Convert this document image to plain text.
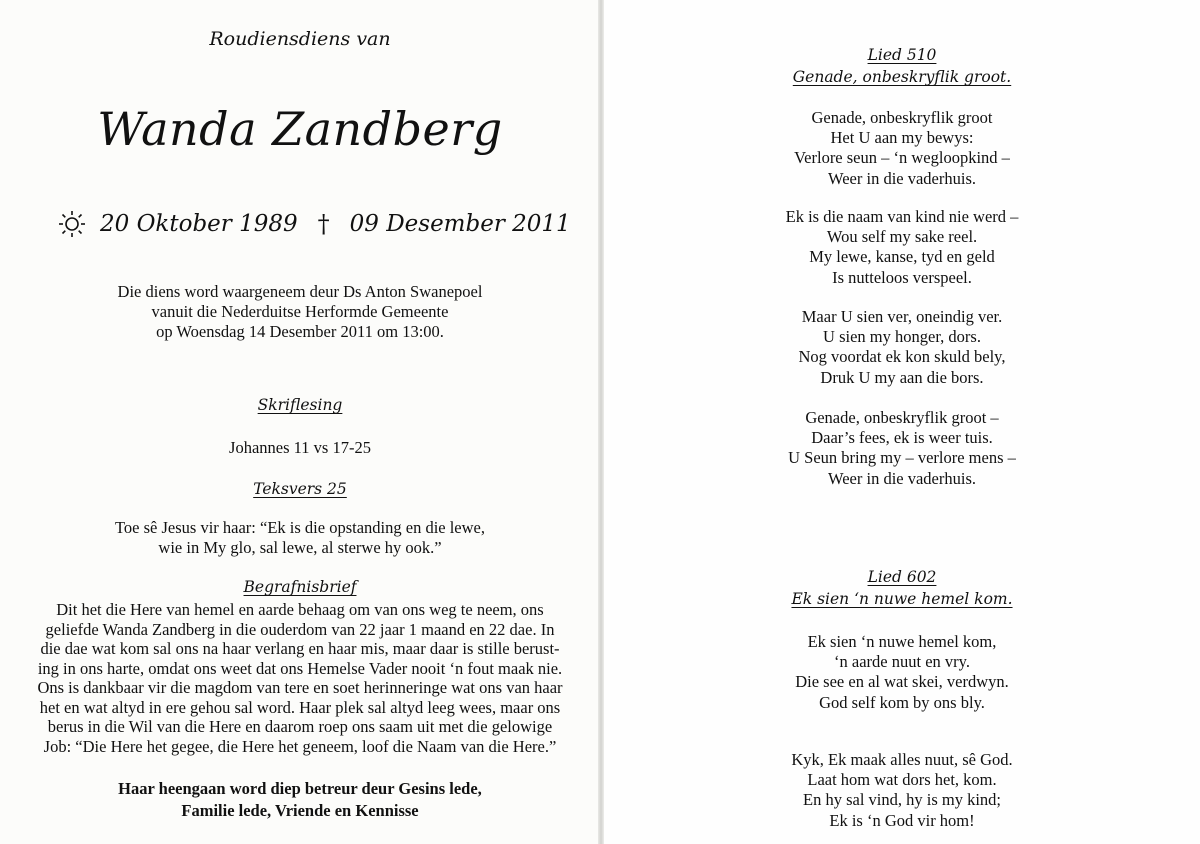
Roudiensdiens van
Wanda Zandberg
20 Oktober 1989 † 09 Desember 2011
Die diens word waargeneem deur Ds Anton Swanepoel
vanuit die Nederduitse Herformde Gemeente
op Woensdag 14 Desember 2011 om 13:00.
Skriflesing
Johannes 11 vs 17-25
Teksvers 25
Toe sê Jesus vir haar: “Ek is die opstanding en die lewe,
wie in My glo, sal lewe, al sterwe hy ook.”
Begrafnisbrief
Dit het die Here van hemel en aarde behaag om van ons weg te neem, ons
geliefde Wanda Zandberg in die ouderdom van 22 jaar 1 maand en 22 dae. In
die dae wat kom sal ons na haar verlang en haar mis, maar daar is stille berust-
ing in ons harte, omdat ons weet dat ons Hemelse Vader nooit ‘n fout maak nie.
Ons is dankbaar vir die magdom van tere en soet herinneringe wat ons van haar
het en wat altyd in ere gehou sal word. Haar plek sal altyd leeg wees, maar ons
berus in die Wil van die Here en daarom roep ons saam uit met die gelowige
Job: “Die Here het gegee, die Here het geneem, loof die Naam van die Here.”
Haar heengaan word diep betreur deur Gesins lede,
Familie lede, Vriende en Kennisse
Lied 510
Genade, onbeskryflik groot.
Genade, onbeskryflik groot
Het U aan my bewys:
Verlore seun – ‘n wegloopkind –
Weer in die vaderhuis.
Ek is die naam van kind nie werd –
Wou self my sake reel.
My lewe, kanse, tyd en geld
Is nutteloos verspeel.
Maar U sien ver, oneindig ver.
U sien my honger, dors.
Nog voordat ek kon skuld bely,
Druk U my aan die bors.
Genade, onbeskryflik groot –
Daar’s fees, ek is weer tuis.
U Seun bring my – verlore mens –
Weer in die vaderhuis.
Lied 602
Ek sien ‘n nuwe hemel kom.
Ek sien ‘n nuwe hemel kom,
‘n aarde nuut en vry.
Die see en al wat skei, verdwyn.
God self kom by ons bly.
Kyk, Ek maak alles nuut, sê God.
Laat hom wat dors het, kom.
En hy sal vind, hy is my kind;
Ek is ‘n God vir hom!
